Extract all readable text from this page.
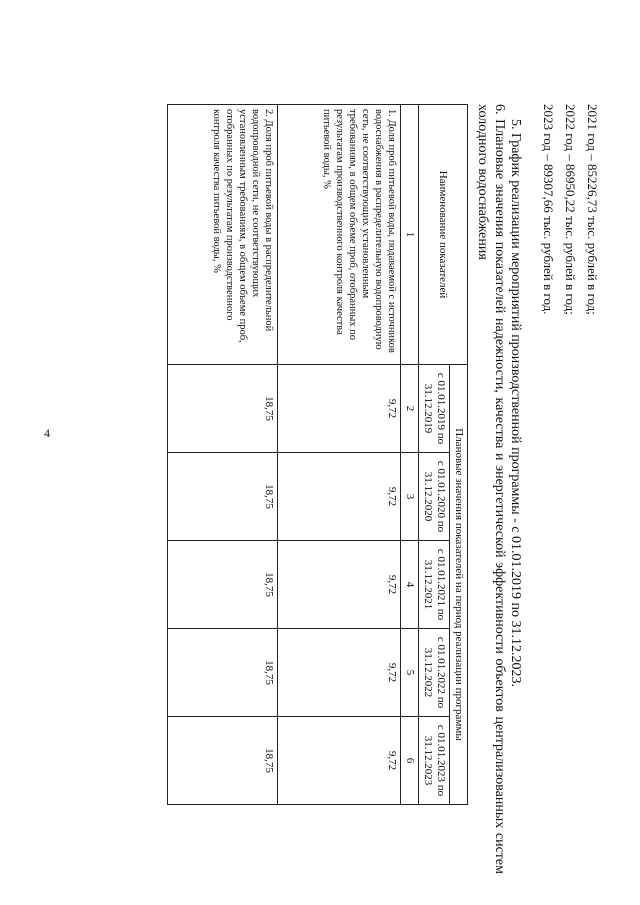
4
2021 год – 85226,73 тыс. рублей в год;
2022 год – 86950,22 тыс. рублей в год;
2023 год – 89307,66 тыс. рублей в год.
5. График реализации мероприятий производственной программы - с 01.01.2019 по 31.12.2023.
6. Плановые значения показателей надежности, качества и энергетической эффективности объектов централизованных систем холодного водоснабжения
Наименование показателей	Плановые значения показателей на период реализации программы				
	с 01.01.2019 по 31.12.2019	с 01.01.2020 по 31.12.2020	с 01.01.2021 по 31.12.2021	с 01.01.2022 по 31.12.2022	с 01.01.2023 по 31.12.2023
1	2	3	4	5	6
1. Доля проб питьевой воды, подаваемой с источников водоснабжения в распределительную водопроводную сеть, не соответствующих установленным требованиям, в общем объеме проб, отобранных по результатам производственного контроля качества питьевой воды, %	9,72	9,72	9,72	9,72	9,72
2. Доля проб питьевой воды в распределительной водопроводной сети, не соответствующих установленным требованиям, в общем объеме проб, отобранных по результатам производственного контроля качества питьевой воды, %	18,75	18,75	18,75	18,75	18,75
